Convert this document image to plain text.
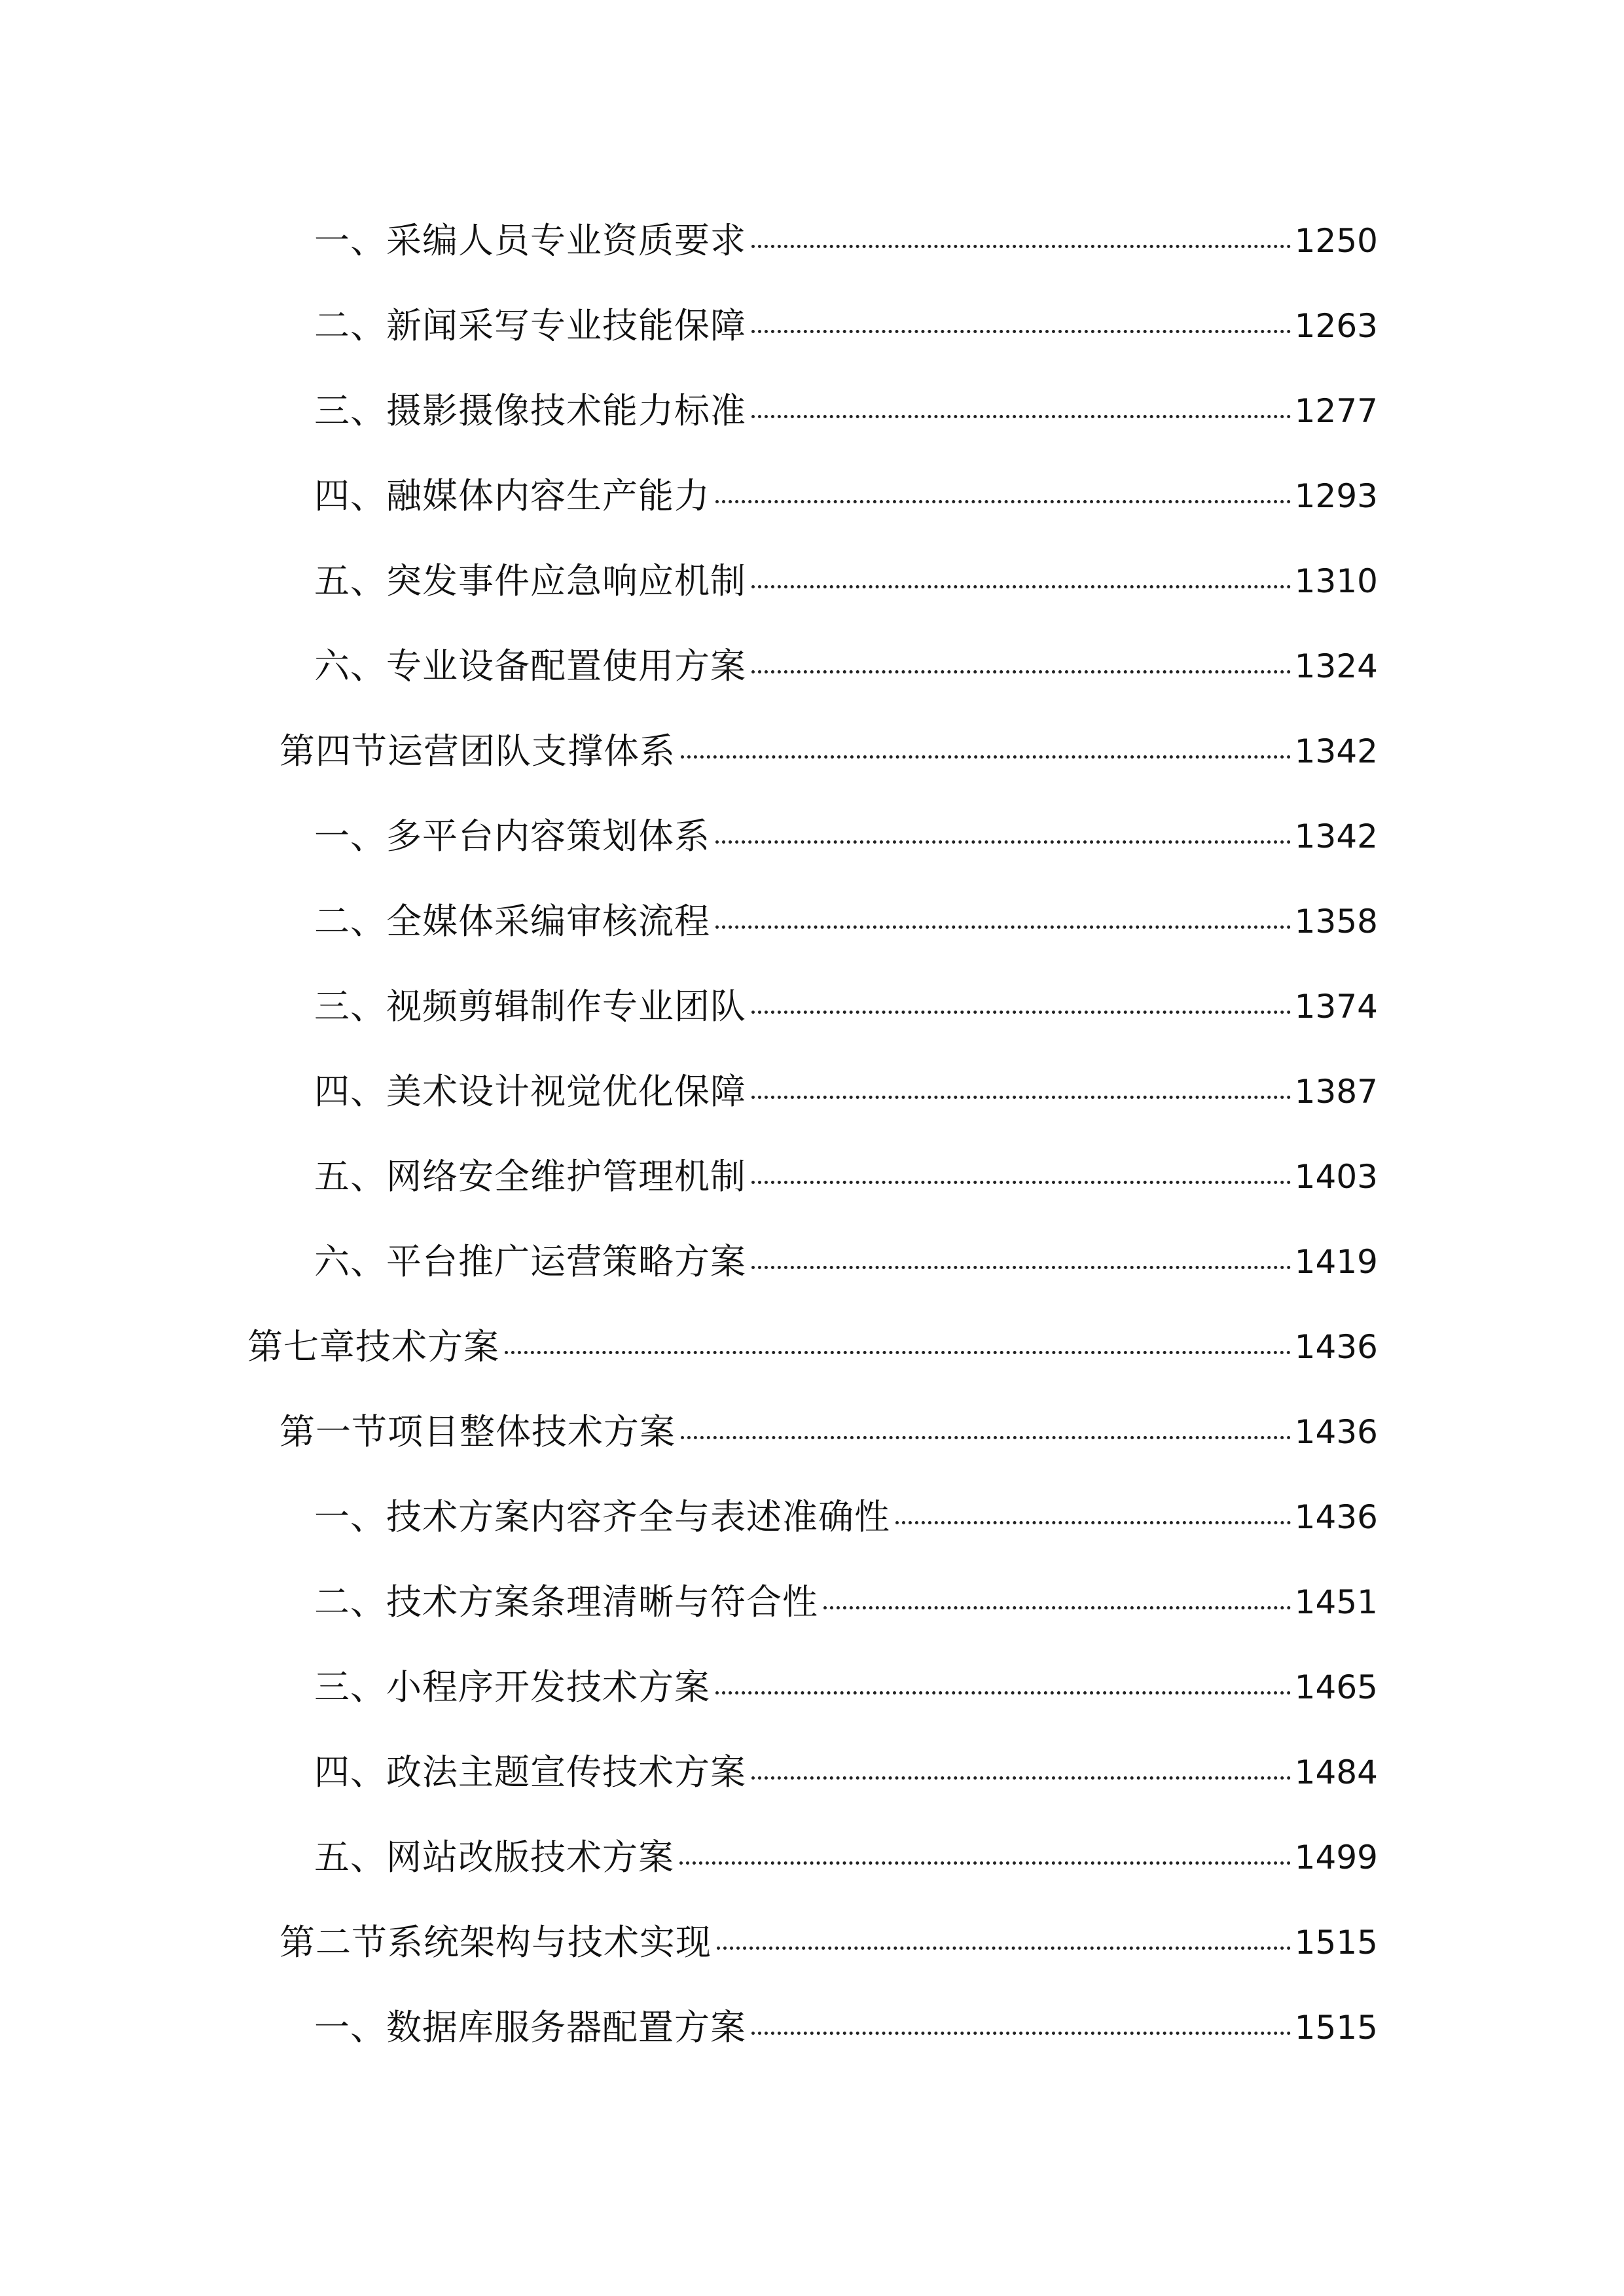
一、采编人员专业资质要求	1250
二、新闻采写专业技能保障	1263
三、摄影摄像技术能力标准	1277
四、融媒体内容生产能力	1293
五、突发事件应急响应机制	1310
六、专业设备配置使用方案	1324
第四节运营团队支撑体系	1342
一、多平台内容策划体系	1342
二、全媒体采编审核流程	1358
三、视频剪辑制作专业团队	1374
四、美术设计视觉优化保障	1387
五、网络安全维护管理机制	1403
六、平台推广运营策略方案	1419
第七章技术方案	1436
第一节项目整体技术方案	1436
一、技术方案内容齐全与表述准确性	1436
二、技术方案条理清晰与符合性	1451
三、小程序开发技术方案	1465
四、政法主题宣传技术方案	1484
五、网站改版技术方案	1499
第二节系统架构与技术实现	1515
一、数据库服务器配置方案	1515
